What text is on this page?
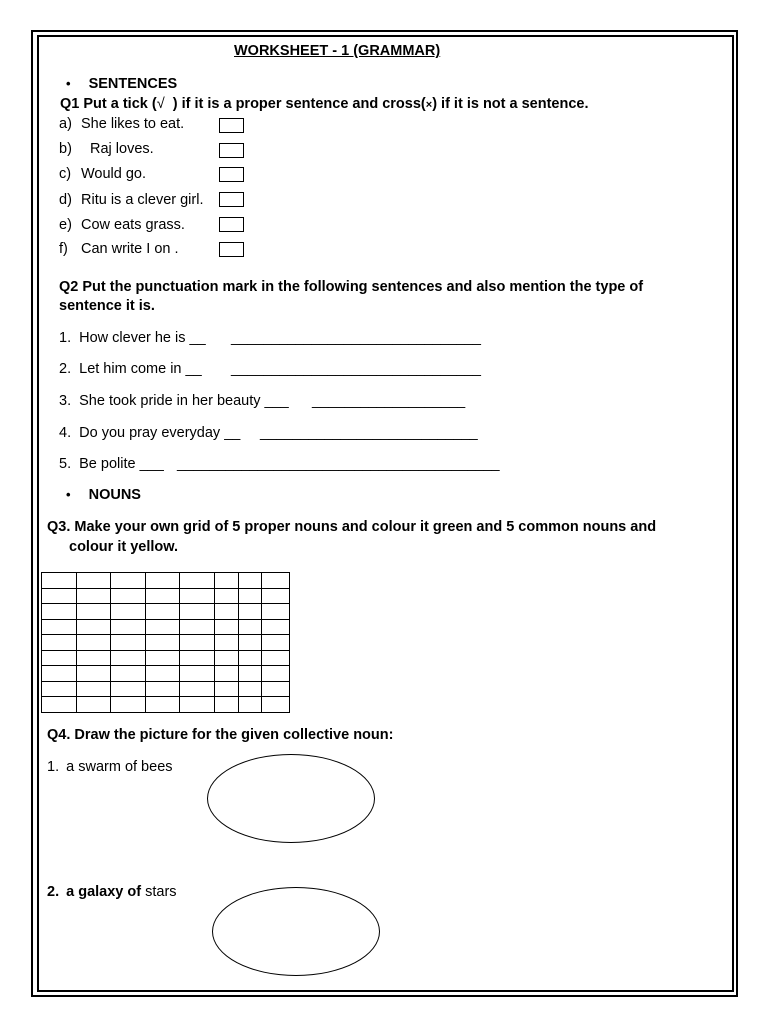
WORKSHEET - 1 (GRAMMAR)
• SENTENCES
Q1 Put a tick (√  ) if it is a proper sentence and cross(×) if it is not a sentence.
a) She likes to eat.
b) Raj loves.
c) Would go.
d) Ritu is a clever girl.
e) Cow eats grass.
f) Can write I on .
Q2 Put the punctuation mark in the following sentences and also mention the type of
sentence it is.
1. How clever he is __ _______________________________
2. Let him come in __ _______________________________
3. She took pride in her beauty ___ ___________________
4. Do you pray everyday __ ___________________________
5. Be polite ___ ________________________________________
• NOUNS
Q3. Make your own grid of 5 proper nouns and colour it green and 5 common nouns and
colour it yellow.

Q4. Draw the picture for the given collective noun:
1. a swarm of bees
2. a galaxy of stars
